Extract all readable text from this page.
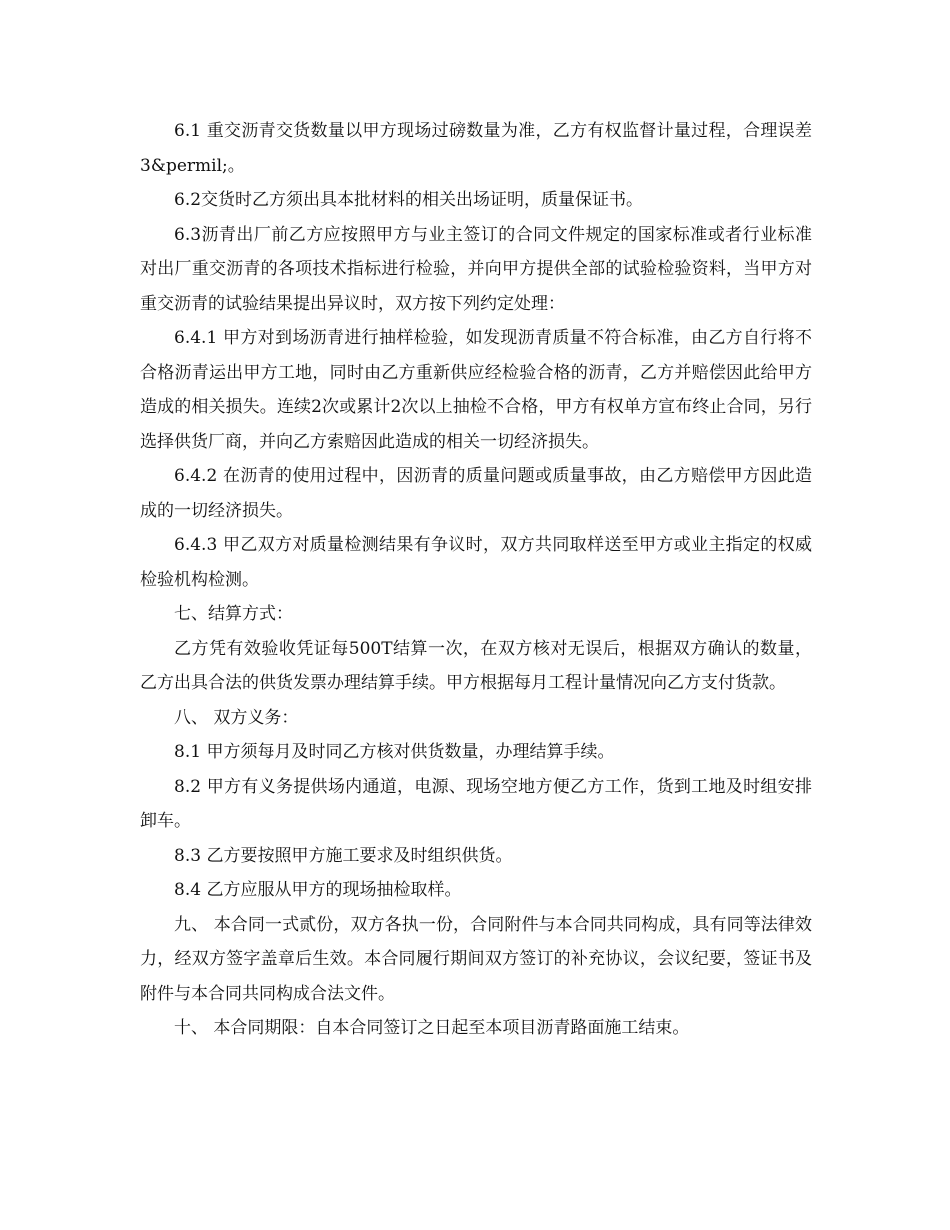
6.1 重交沥青交货数量以甲方现场过磅数量为准，乙方有权监督计量过程，合理误差3&permil;。

6.2交货时乙方须出具本批材料的相关出场证明，质量保证书。

6.3沥青出厂前乙方应按照甲方与业主签订的合同文件规定的国家标准或者行业标准对出厂重交沥青的各项技术指标进行检验，并向甲方提供全部的试验检验资料，当甲方对重交沥青的试验结果提出异议时，双方按下列约定处理：

6.4.1 甲方对到场沥青进行抽样检验，如发现沥青质量不符合标准，由乙方自行将不合格沥青运出甲方工地，同时由乙方重新供应经检验合格的沥青，乙方并赔偿因此给甲方造成的相关损失。连续2次或累计2次以上抽检不合格，甲方有权单方宣布终止合同，另行选择供货厂商，并向乙方索赔因此造成的相关一切经济损失。

6.4.2 在沥青的使用过程中，因沥青的质量问题或质量事故，由乙方赔偿甲方因此造成的一切经济损失。

6.4.3 甲乙双方对质量检测结果有争议时，双方共同取样送至甲方或业主指定的权威检验机构检测。

七、结算方式：

乙方凭有效验收凭证每500T结算一次，在双方核对无误后，根据双方确认的数量，乙方出具合法的供货发票办理结算手续。甲方根据每月工程计量情况向乙方支付货款。

八、 双方义务：

8.1 甲方须每月及时同乙方核对供货数量，办理结算手续。

8.2 甲方有义务提供场内通道，电源、现场空地方便乙方工作，货到工地及时组安排卸车。

8.3 乙方要按照甲方施工要求及时组织供货。

8.4 乙方应服从甲方的现场抽检取样。

九、 本合同一式贰份，双方各执一份，合同附件与本合同共同构成，具有同等法律效力，经双方签字盖章后生效。本合同履行期间双方签订的补充协议，会议纪要，签证书及附件与本合同共同构成合法文件。

十、 本合同期限：自本合同签订之日起至本项目沥青路面施工结束。
